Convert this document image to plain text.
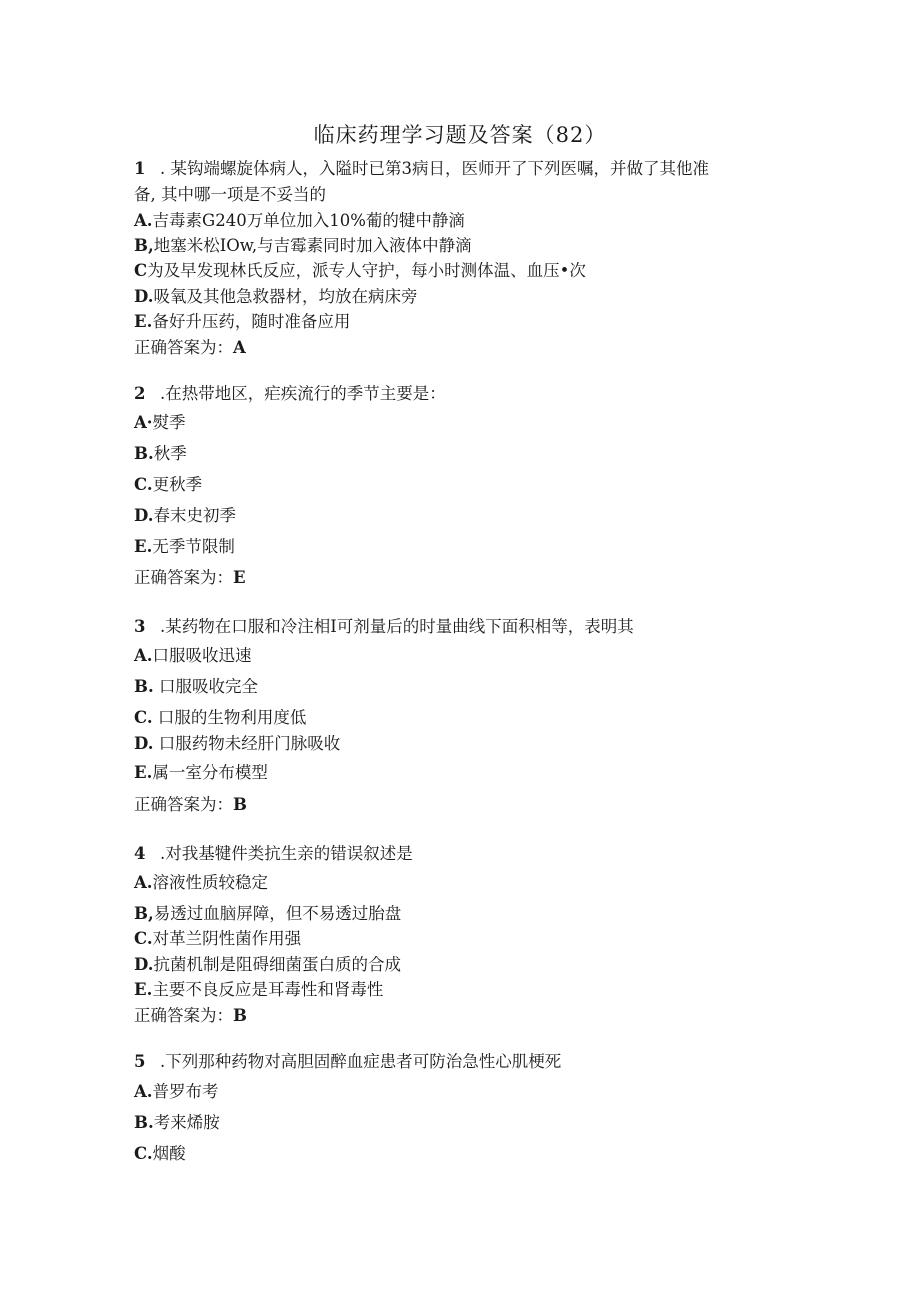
临床药理学习题及答案（82）
1 . 某钩端螺旋体病人，入隘时已第3病日，医师开了下列医嘱，并做了其他准
备, 其中哪一项是不妥当的
A.吉毒素G240万单位加入10%葡的犍中静滴
B,地塞米松IOw,与吉霉素同时加入液体中静滴
C为及早发现林氏反应，派专人守护，每小时测体温、血压•次
D.吸氧及其他急救器材，均放在病床旁
E.备好升压药，随时准备应用
正确答案为：A
2 .在热带地区，疟疾流行的季节主要是：
A·熨季
B.秋季
C.更秋季
D.春末史初季
E.无季节限制
正确答案为：E
3 .某药物在口服和冷注相I可剂量后的时量曲线下面积相等，表明其
A.口服吸收迅速
B. 口服吸收完全
C. 口服的生物利用度低
D. 口服药物未经肝门脉吸收
E.属一室分布模型
正确答案为：B
4 .对我基犍件类抗生亲的错误叙述是
A.溶液性质较稳定
B,易透过血脑屏障，但不易透过胎盘
C.对革兰阴性菌作用强
D.抗菌机制是阻碍细菌蛋白质的合成
E.主要不良反应是耳毒性和肾毒性
正确答案为：B
5 .下列那种药物对高胆固醉血症患者可防治急性心肌梗死
A.普罗布考
B.考来烯胺
C.烟酸
